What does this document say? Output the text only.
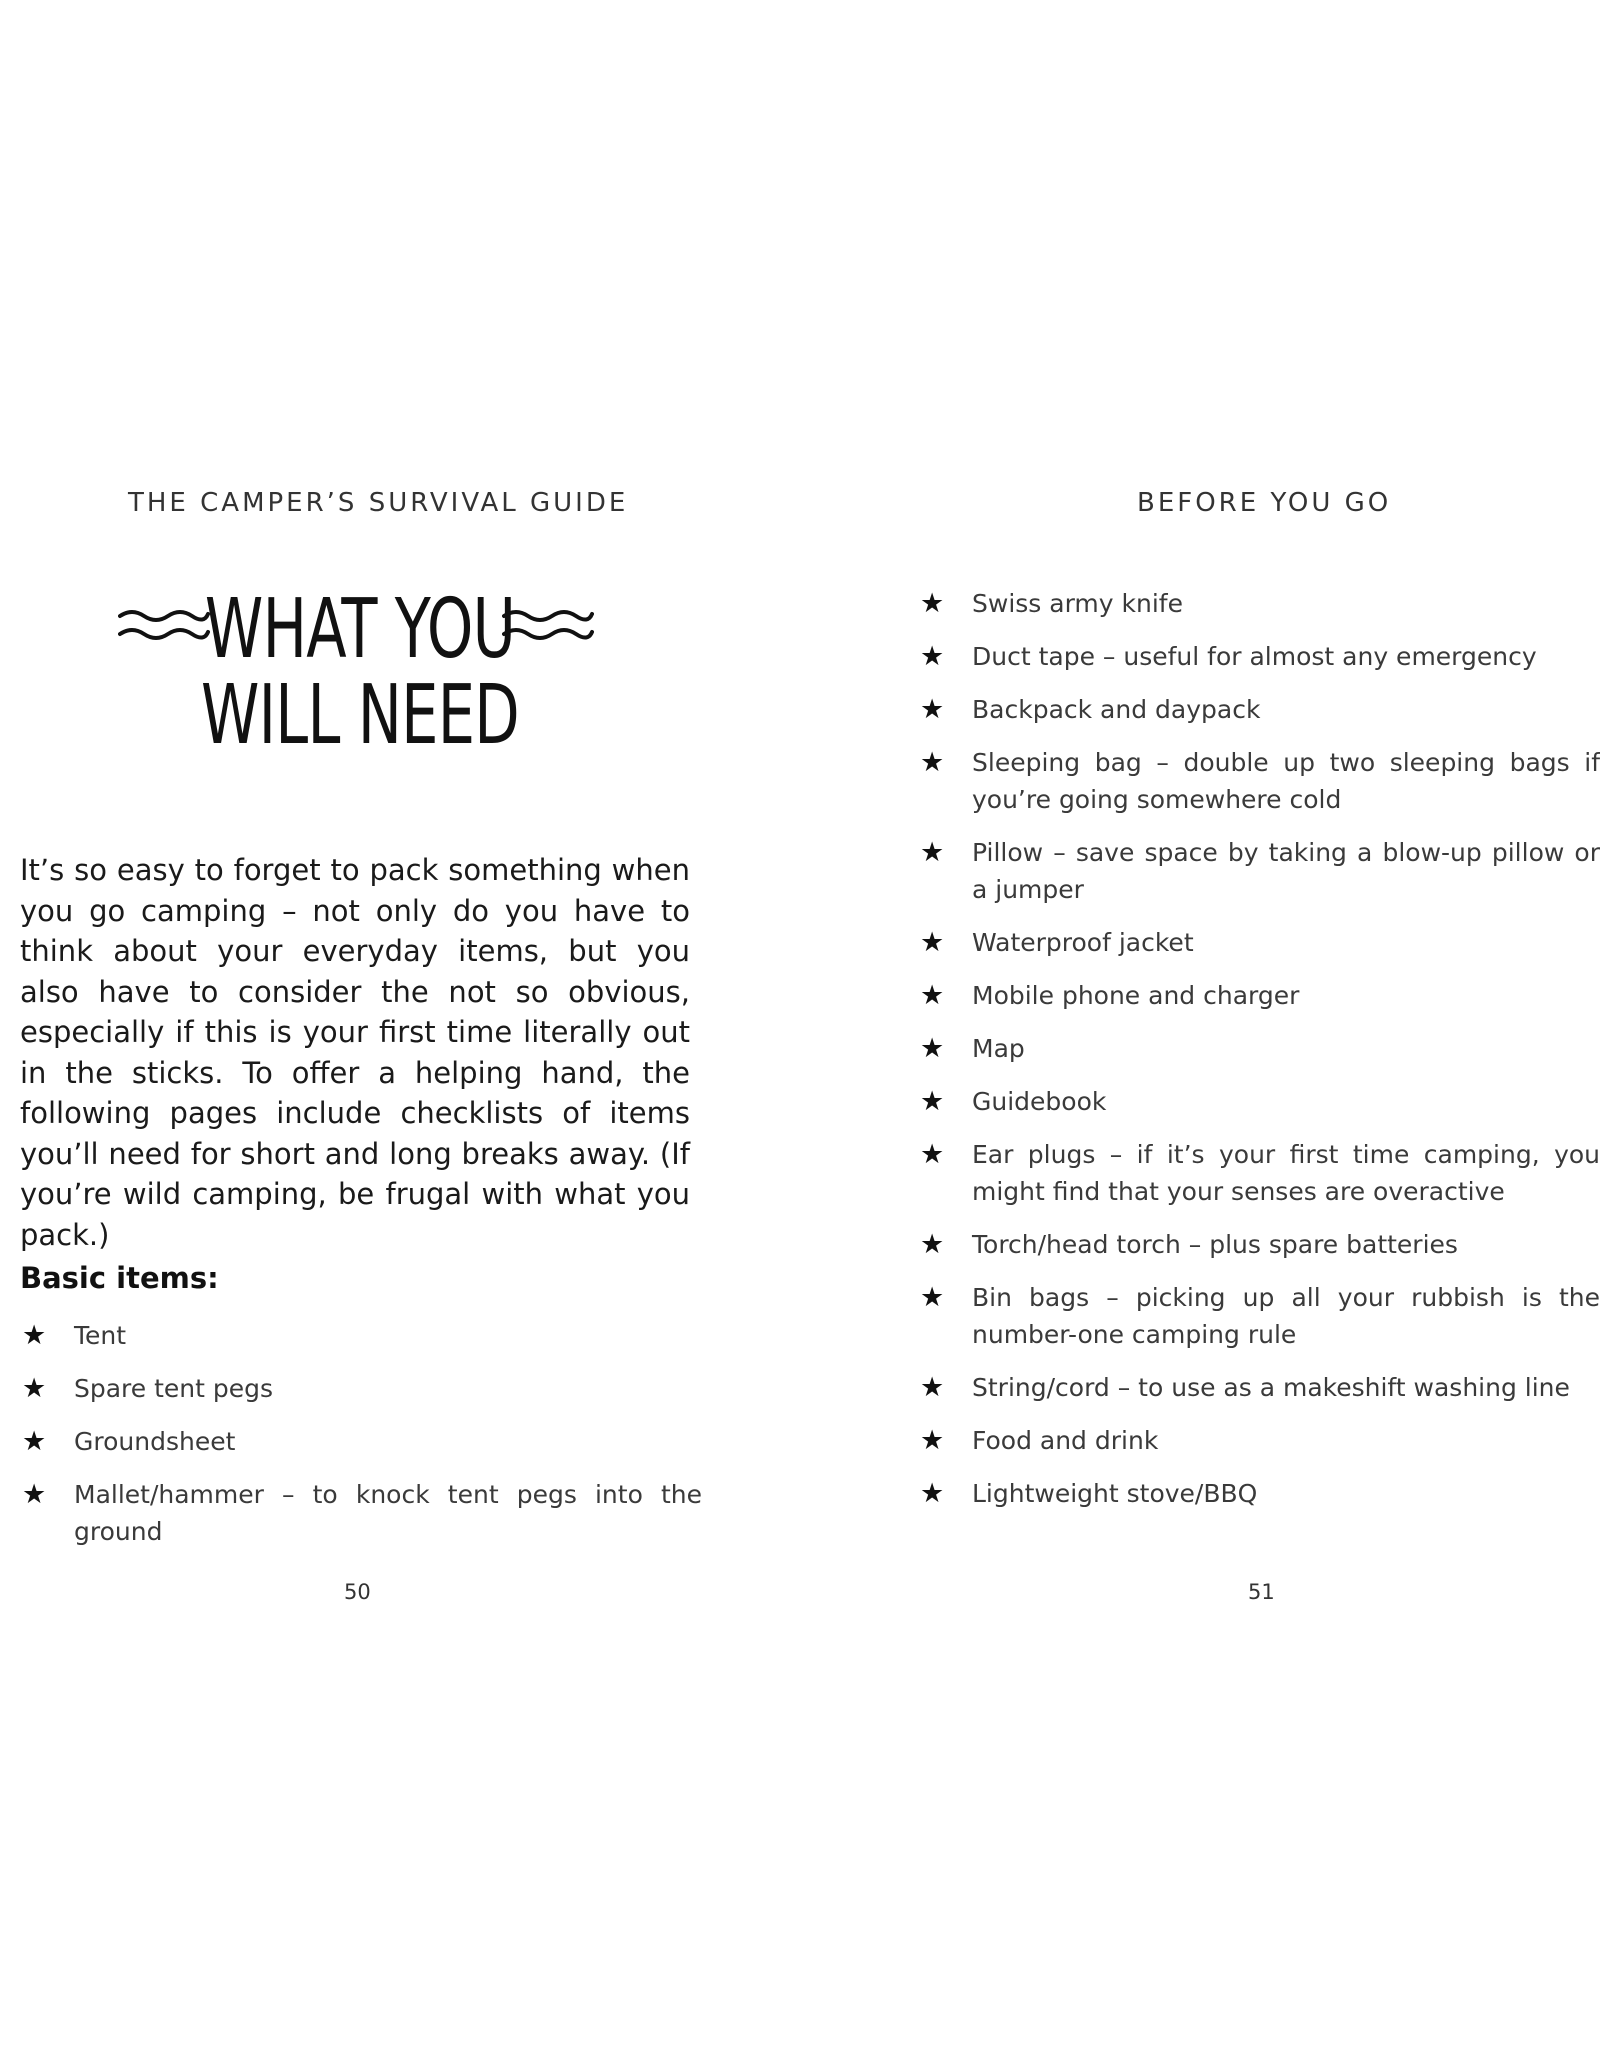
THE CAMPER’S SURVIVAL GUIDE
WHAT YOU
WILL NEED

It’s so easy to forget to pack something when you go camping – not only do you have to think about your everyday items, but you also have to consider the not so obvious, especially if this is your first time literally out in the sticks. To offer a helping hand, the following pages include checklists of items you’ll need for short and long breaks away. (If you’re wild camping, be frugal with what you pack.)

Basic items:
★ Tent
★ Spare tent pegs
★ Groundsheet
★ Mallet/hammer – to knock tent pegs into the ground
50
BEFORE YOU GO
★ Swiss army knife
★ Duct tape – useful for almost any emergency
★ Backpack and daypack
★ Sleeping bag – double up two sleeping bags if you’re going somewhere cold
★ Pillow – save space by taking a blow-up pillow or a jumper
★ Waterproof jacket
★ Mobile phone and charger
★ Map
★ Guidebook
★ Ear plugs – if it’s your first time camping, you might find that your senses are overactive
★ Torch/head torch – plus spare batteries
★ Bin bags – picking up all your rubbish is the number-one camping rule
★ String/cord – to use as a makeshift washing line
★ Food and drink
★ Lightweight stove/BBQ
51
